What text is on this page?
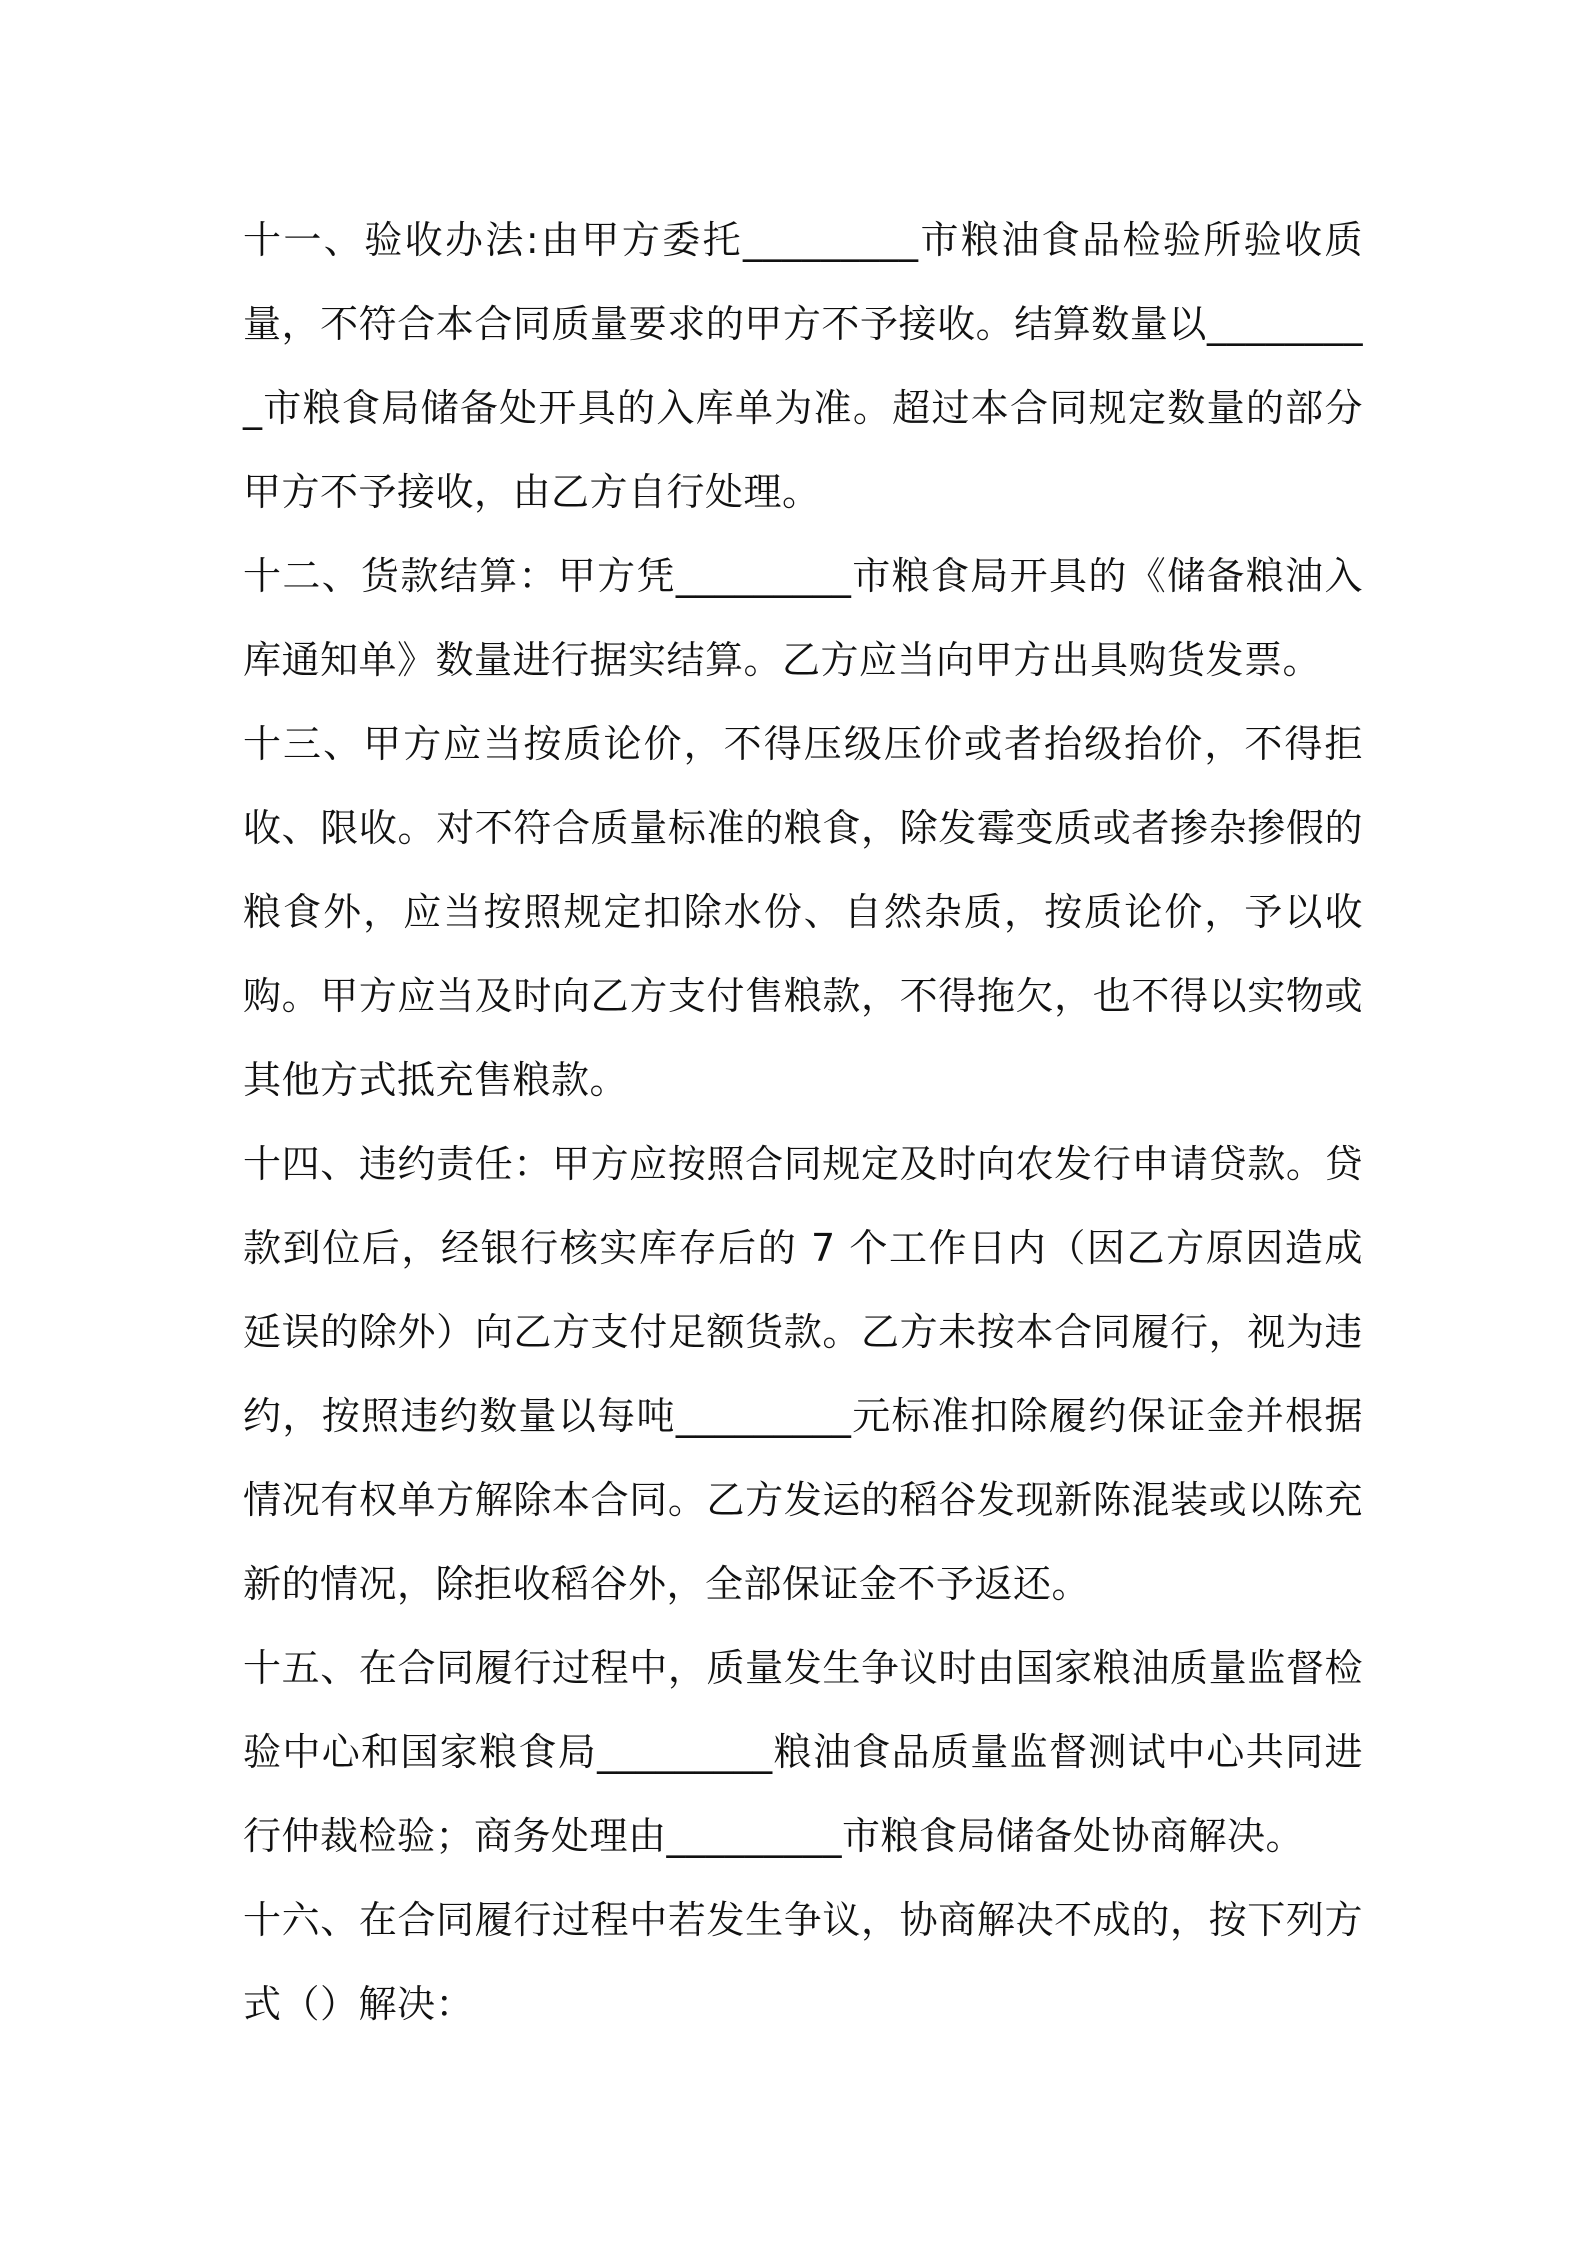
十一、验收办法:由甲方委托_________市粮油食品检验所验收质量，不符合本合同质量要求的甲方不予接收。结算数量以_________市粮食局储备处开具的入库单为准。超过本合同规定数量的部分甲方不予接收，由乙方自行处理。

十二、货款结算：甲方凭_________市粮食局开具的《储备粮油入库通知单》数量进行据实结算。乙方应当向甲方出具购货发票。

十三、甲方应当按质论价，不得压级压价或者抬级抬价，不得拒收、限收。对不符合质量标准的粮食，除发霉变质或者掺杂掺假的粮食外，应当按照规定扣除水份、自然杂质，按质论价，予以收购。甲方应当及时向乙方支付售粮款，不得拖欠，也不得以实物或其他方式抵充售粮款。

十四、违约责任：甲方应按照合同规定及时向农发行申请贷款。贷款到位后，经银行核实库存后的 7 个工作日内（因乙方原因造成延误的除外）向乙方支付足额货款。乙方未按本合同履行，视为违约，按照违约数量以每吨_________元标准扣除履约保证金并根据情况有权单方解除本合同。乙方发运的稻谷发现新陈混装或以陈充新的情况，除拒收稻谷外，全部保证金不予返还。

十五、在合同履行过程中，质量发生争议时由国家粮油质量监督检验中心和国家粮食局_________粮油食品质量监督测试中心共同进行仲裁检验；商务处理由_________市粮食局储备处协商解决。

十六、在合同履行过程中若发生争议，协商解决不成的，按下列方式（）解决：
